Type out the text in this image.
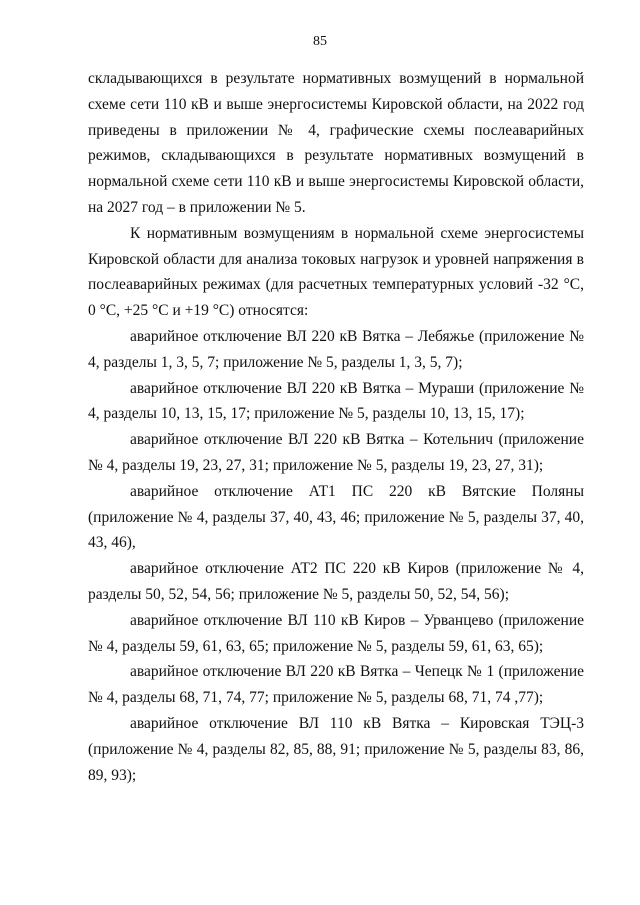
85

складывающихся в результате нормативных возмущений в нормальной схеме сети 110 кВ и выше энергосистемы Кировской области, на 2022 год приведены в приложении № 4, графические схемы послеаварийных режимов, складывающихся в результате нормативных возмущений в нормальной схеме сети 110 кВ и выше энергосистемы Кировской области, на 2027 год – в приложении № 5.

К нормативным возмущениям в нормальной схеме энергосистемы Кировской области для анализа токовых нагрузок и уровней напряжения в послеаварийных режимах (для расчетных температурных условий -32 °С, 0 °С, +25 °С и +19 °С) относятся:

аварийное отключение ВЛ 220 кВ Вятка – Лебяжье (приложение № 4, разделы 1, 3, 5, 7; приложение № 5, разделы 1, 3, 5, 7);

аварийное отключение ВЛ 220 кВ Вятка – Мураши (приложение № 4, разделы 10, 13, 15, 17; приложение № 5, разделы 10, 13, 15, 17);

аварийное отключение ВЛ 220 кВ Вятка – Котельнич (приложение № 4, разделы 19, 23, 27, 31; приложение № 5, разделы 19, 23, 27, 31);

аварийное отключение АТ1 ПС 220 кВ Вятские Поляны (приложение № 4, разделы 37, 40, 43, 46; приложение № 5, разделы 37, 40, 43, 46),

аварийное отключение АТ2 ПС 220 кВ Киров (приложение № 4, разделы 50, 52, 54, 56; приложение № 5, разделы 50, 52, 54, 56);

аварийное отключение ВЛ 110 кВ Киров – Урванцево (приложение № 4, разделы 59, 61, 63, 65; приложение № 5, разделы 59, 61, 63, 65);

аварийное отключение ВЛ 220 кВ Вятка – Чепецк № 1 (приложение № 4, разделы 68, 71, 74, 77; приложение № 5, разделы 68, 71, 74 ,77);

аварийное отключение ВЛ 110 кВ Вятка – Кировская ТЭЦ-3 (приложение № 4, разделы 82, 85, 88, 91; приложение № 5, разделы 83, 86, 89, 93);
